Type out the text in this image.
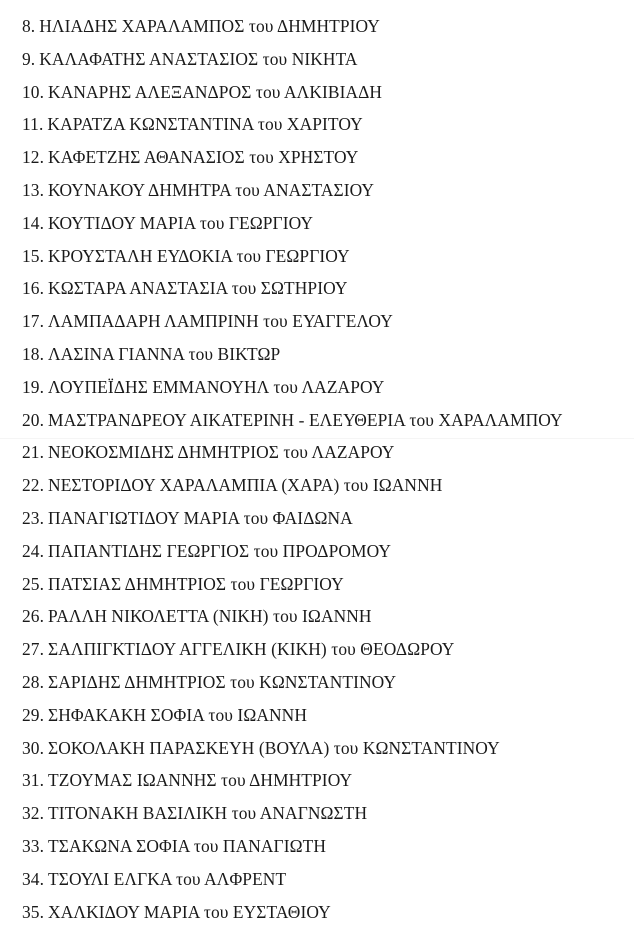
8. ΗΛΙΑΔΗΣ ΧΑΡΑΛΑΜΠΟΣ του ΔΗΜΗΤΡΙΟΥ
9. ΚΑΛΑΦΑΤΗΣ ΑΝΑΣΤΑΣΙΟΣ του ΝΙΚΗΤΑ
10. ΚΑΝΑΡΗΣ ΑΛΕΞΑΝΔΡΟΣ του ΑΛΚΙΒΙΑΔΗ
11. ΚΑΡΑΤΖΑ ΚΩΝΣΤΑΝΤΙΝΑ του ΧΑΡΙΤΟΥ
12. ΚΑΦΕΤΖΗΣ ΑΘΑΝΑΣΙΟΣ του ΧΡΗΣΤΟΥ
13. ΚΟΥΝΑΚΟΥ ΔΗΜΗΤΡΑ του ΑΝΑΣΤΑΣΙΟΥ
14. ΚΟΥΤΙΔΟΥ ΜΑΡΙΑ του ΓΕΩΡΓΙΟΥ
15. ΚΡΟΥΣΤΑΛΗ ΕΥΔΟΚΙΑ του ΓΕΩΡΓΙΟΥ
16. ΚΩΣΤΑΡΑ ΑΝΑΣΤΑΣΙΑ του ΣΩΤΗΡΙΟΥ
17. ΛΑΜΠΑΔΑΡΗ ΛΑΜΠΡΙΝΗ του ΕΥΑΓΓΕΛΟΥ
18. ΛΑΣΙΝΑ ΓΙΑΝΝΑ του ΒΙΚΤΩΡ
19. ΛΟΥΠΕΪΔΗΣ ΕΜΜΑΝΟΥΗΛ του ΛΑΖΑΡΟΥ
20. ΜΑΣΤΡΑΝΔΡΕΟΥ ΑΙΚΑΤΕΡΙΝΗ - ΕΛΕΥΘΕΡΙΑ του ΧΑΡΑΛΑΜΠΟΥ
21. ΝΕΟΚΟΣΜΙΔΗΣ ΔΗΜΗΤΡΙΟΣ του ΛΑΖΑΡΟΥ
22. ΝΕΣΤΟΡΙΔΟΥ ΧΑΡΑΛΑΜΠΙΑ (ΧΑΡΑ) του ΙΩΑΝΝΗ
23. ΠΑΝΑΓΙΩΤΙΔΟΥ ΜΑΡΙΑ του ΦΑΙΔΩΝΑ
24. ΠΑΠΑΝΤΙΔΗΣ ΓΕΩΡΓΙΟΣ του ΠΡΟΔΡΟΜΟΥ
25. ΠΑΤΣΙΑΣ ΔΗΜΗΤΡΙΟΣ του ΓΕΩΡΓΙΟΥ
26. ΡΑΛΛΗ ΝΙΚΟΛΕΤΤΑ (ΝΙΚΗ) του ΙΩΑΝΝΗ
27. ΣΑΛΠΙΓΚΤΙΔΟΥ ΑΓΓΕΛΙΚΗ (ΚΙΚΗ) του ΘΕΟΔΩΡΟΥ
28. ΣΑΡΙΔΗΣ ΔΗΜΗΤΡΙΟΣ του ΚΩΝΣΤΑΝΤΙΝΟΥ
29. ΣΗΦΑΚΑΚΗ ΣΟΦΙΑ του ΙΩΑΝΝΗ
30. ΣΟΚΟΛΑΚΗ ΠΑΡΑΣΚΕΥΗ (ΒΟΥΛΑ) του ΚΩΝΣΤΑΝΤΙΝΟΥ
31. ΤΖΟΥΜΑΣ ΙΩΑΝΝΗΣ του ΔΗΜΗΤΡΙΟΥ
32. ΤΙΤΟΝΑΚΗ ΒΑΣΙΛΙΚΗ του ΑΝΑΓΝΩΣΤΗ
33. ΤΣΑΚΩΝΑ ΣΟΦΙΑ του ΠΑΝΑΓΙΩΤΗ
34. ΤΣΟΥΛΙ ΕΛΓΚΑ του ΑΛΦΡΕΝΤ
35. ΧΑΛΚΙΔΟΥ ΜΑΡΙΑ του ΕΥΣΤΑΘΙΟΥ
